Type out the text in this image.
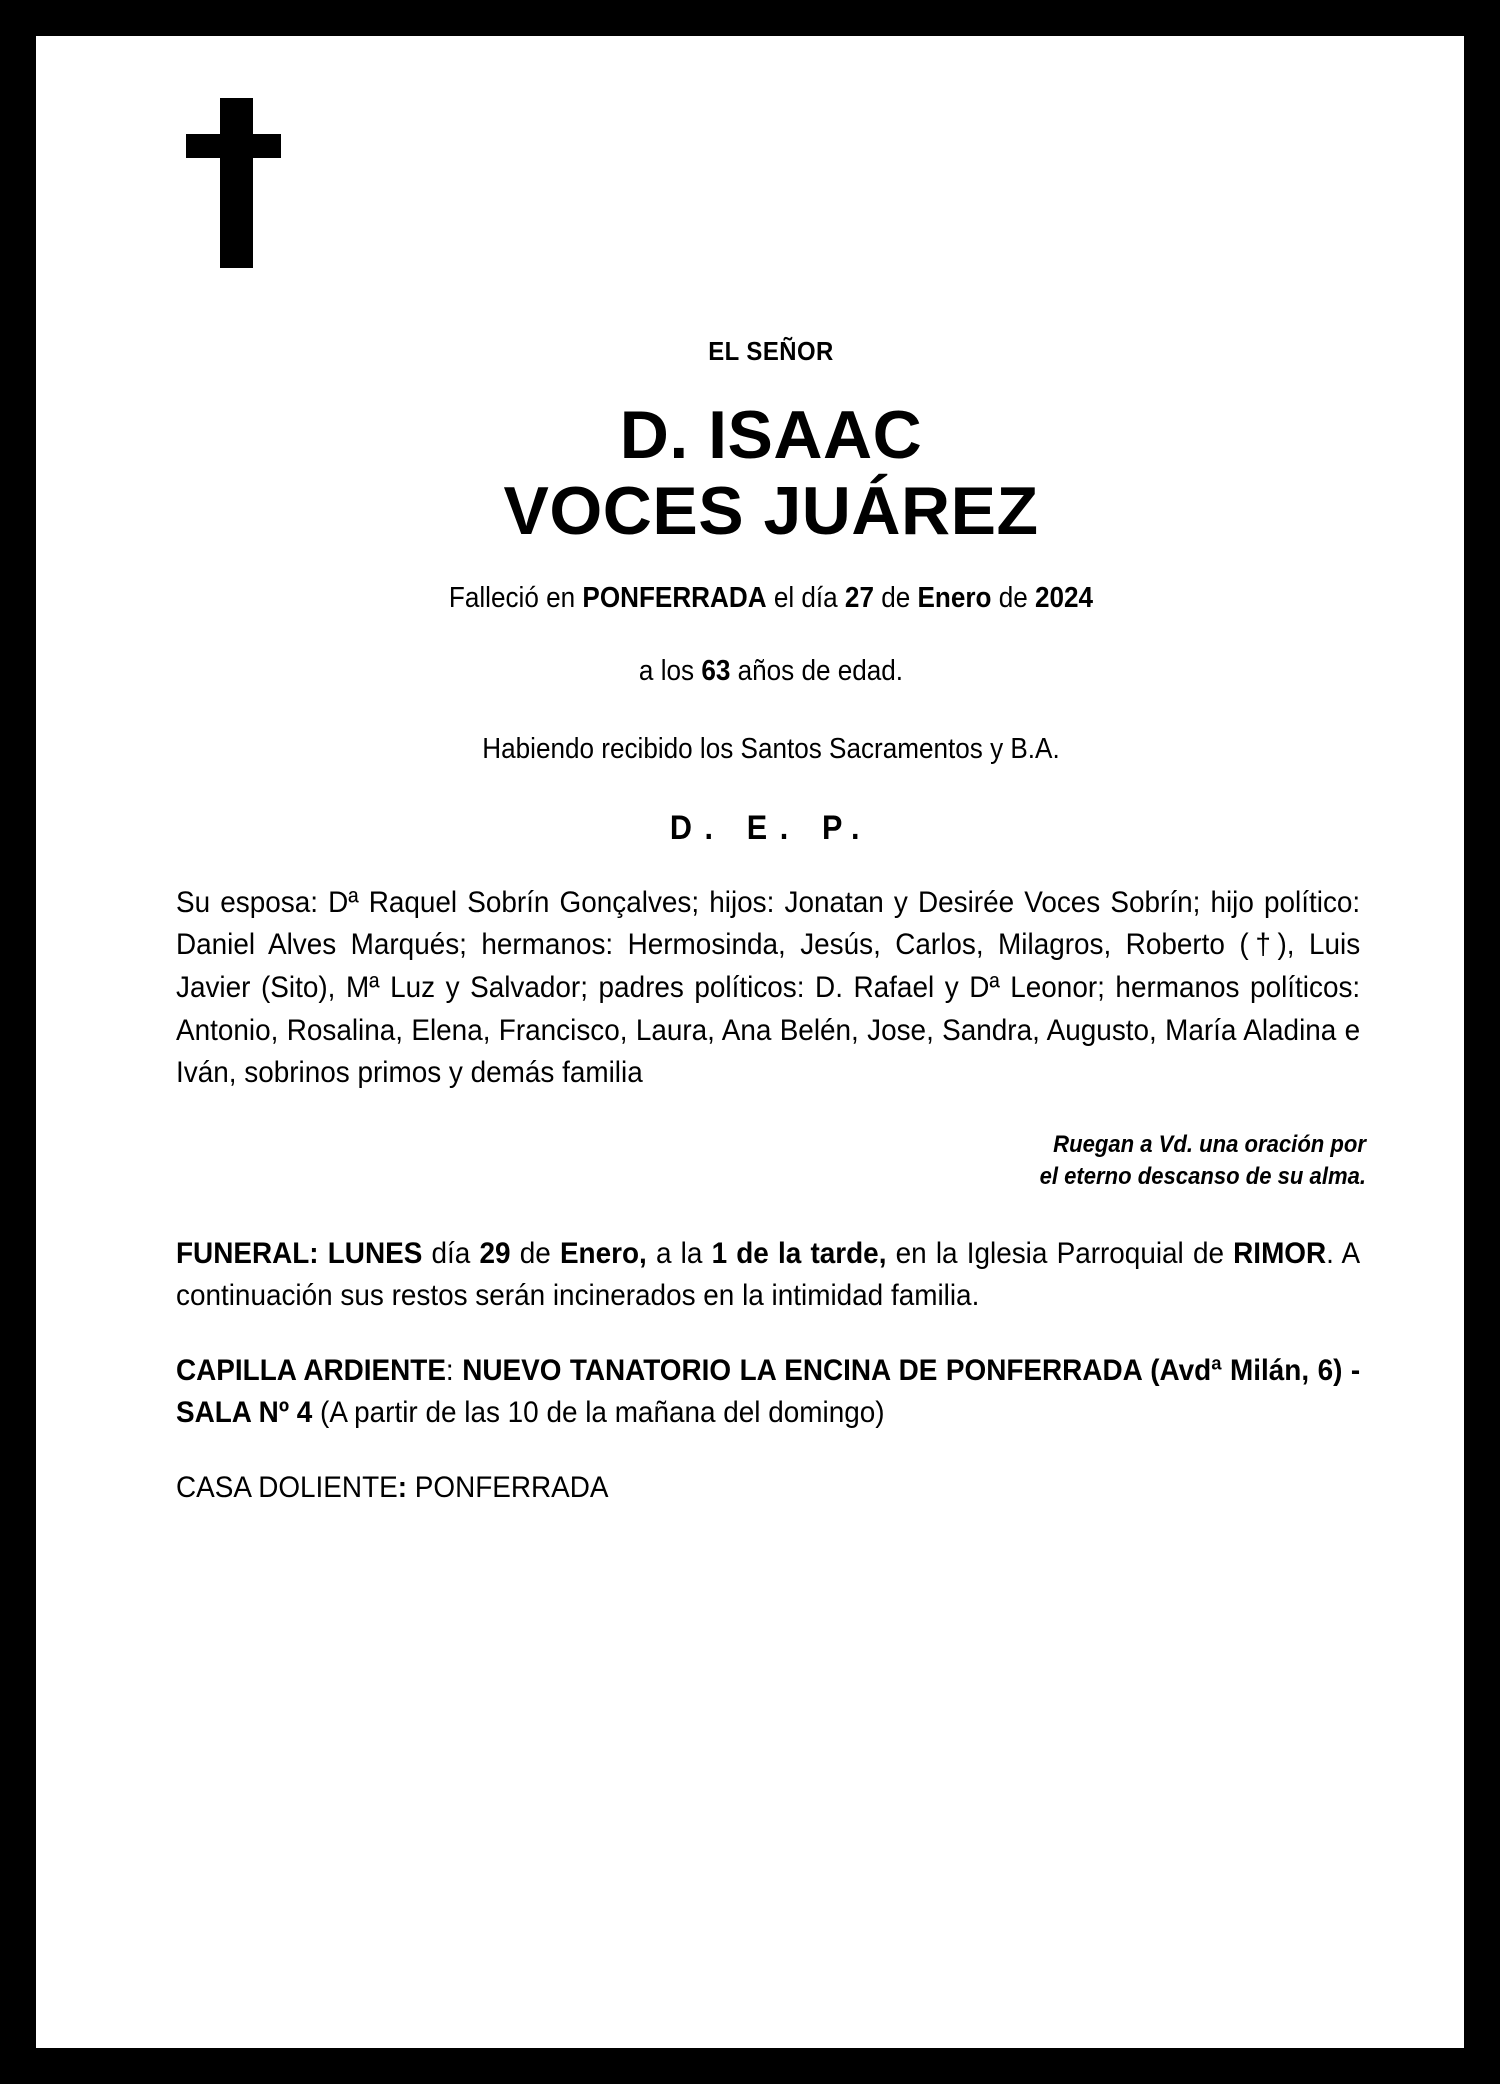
EL SEÑOR
D. ISAAC
VOCES JUÁREZ
Falleció en PONFERRADA el día 27 de Enero de 2024
a los 63 años de edad.
Habiendo recibido los Santos Sacramentos y B.A.
D. E. P.
Su esposa: Dª Raquel Sobrín Gonçalves; hijos: Jonatan y Desirée Voces Sobrín; hijo político: Daniel Alves Marqués; hermanos: Hermosinda, Jesús, Carlos, Milagros, Roberto (†), Luis Javier (Sito), Mª Luz y Salvador; padres políticos: D. Rafael y Dª Leonor; hermanos políticos: Antonio, Rosalina, Elena, Francisco, Laura, Ana Belén, Jose, Sandra, Augusto, María Aladina e Iván, sobrinos primos y demás familia
Ruegan a Vd. una oración por
el eterno descanso de su alma.
FUNERAL: LUNES día 29 de Enero, a la 1 de la tarde, en la Iglesia Parroquial de RIMOR. A continuación sus restos serán incinerados en la intimidad familia.
CAPILLA ARDIENTE: NUEVO TANATORIO LA ENCINA DE PONFERRADA (Avdª Milán, 6) - SALA Nº 4 (A partir de las 10 de la mañana del domingo)
CASA DOLIENTE: PONFERRADA
